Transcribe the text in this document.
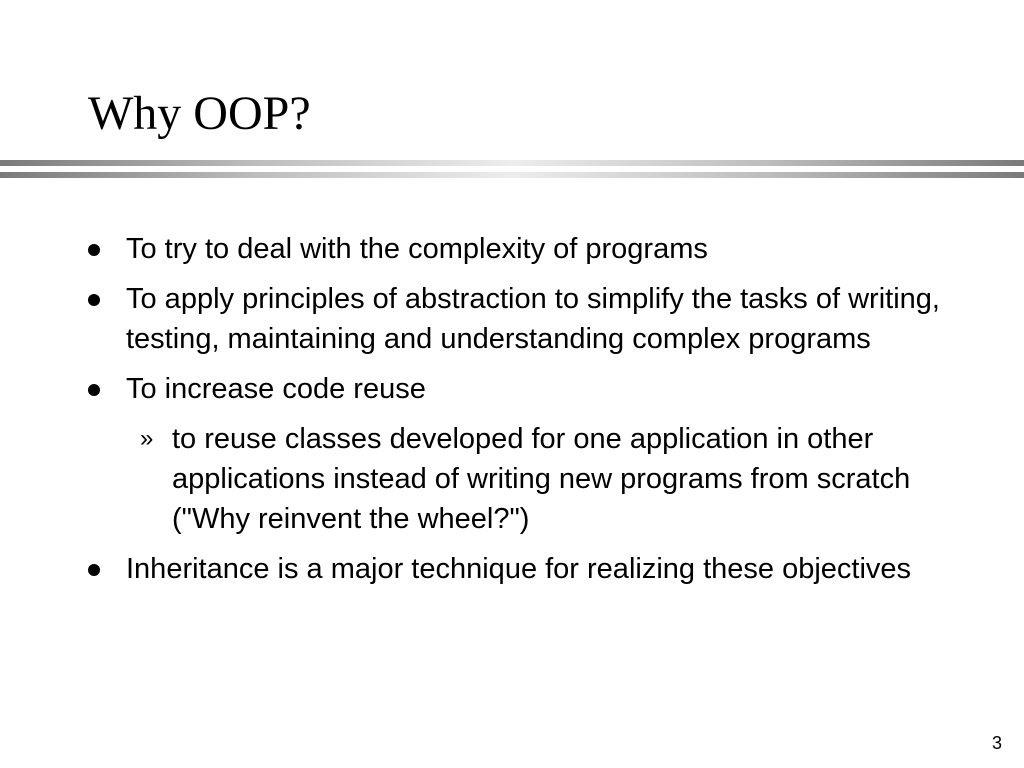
Why OOP?
To try to deal with the complexity of programs
To apply principles of abstraction to simplify the tasks of writing, testing, maintaining and understanding complex programs
To increase code reuse
» to reuse classes developed for one application in other applications instead of writing new programs from scratch ("Why reinvent the wheel?")
Inheritance is a major technique for realizing these objectives
3
